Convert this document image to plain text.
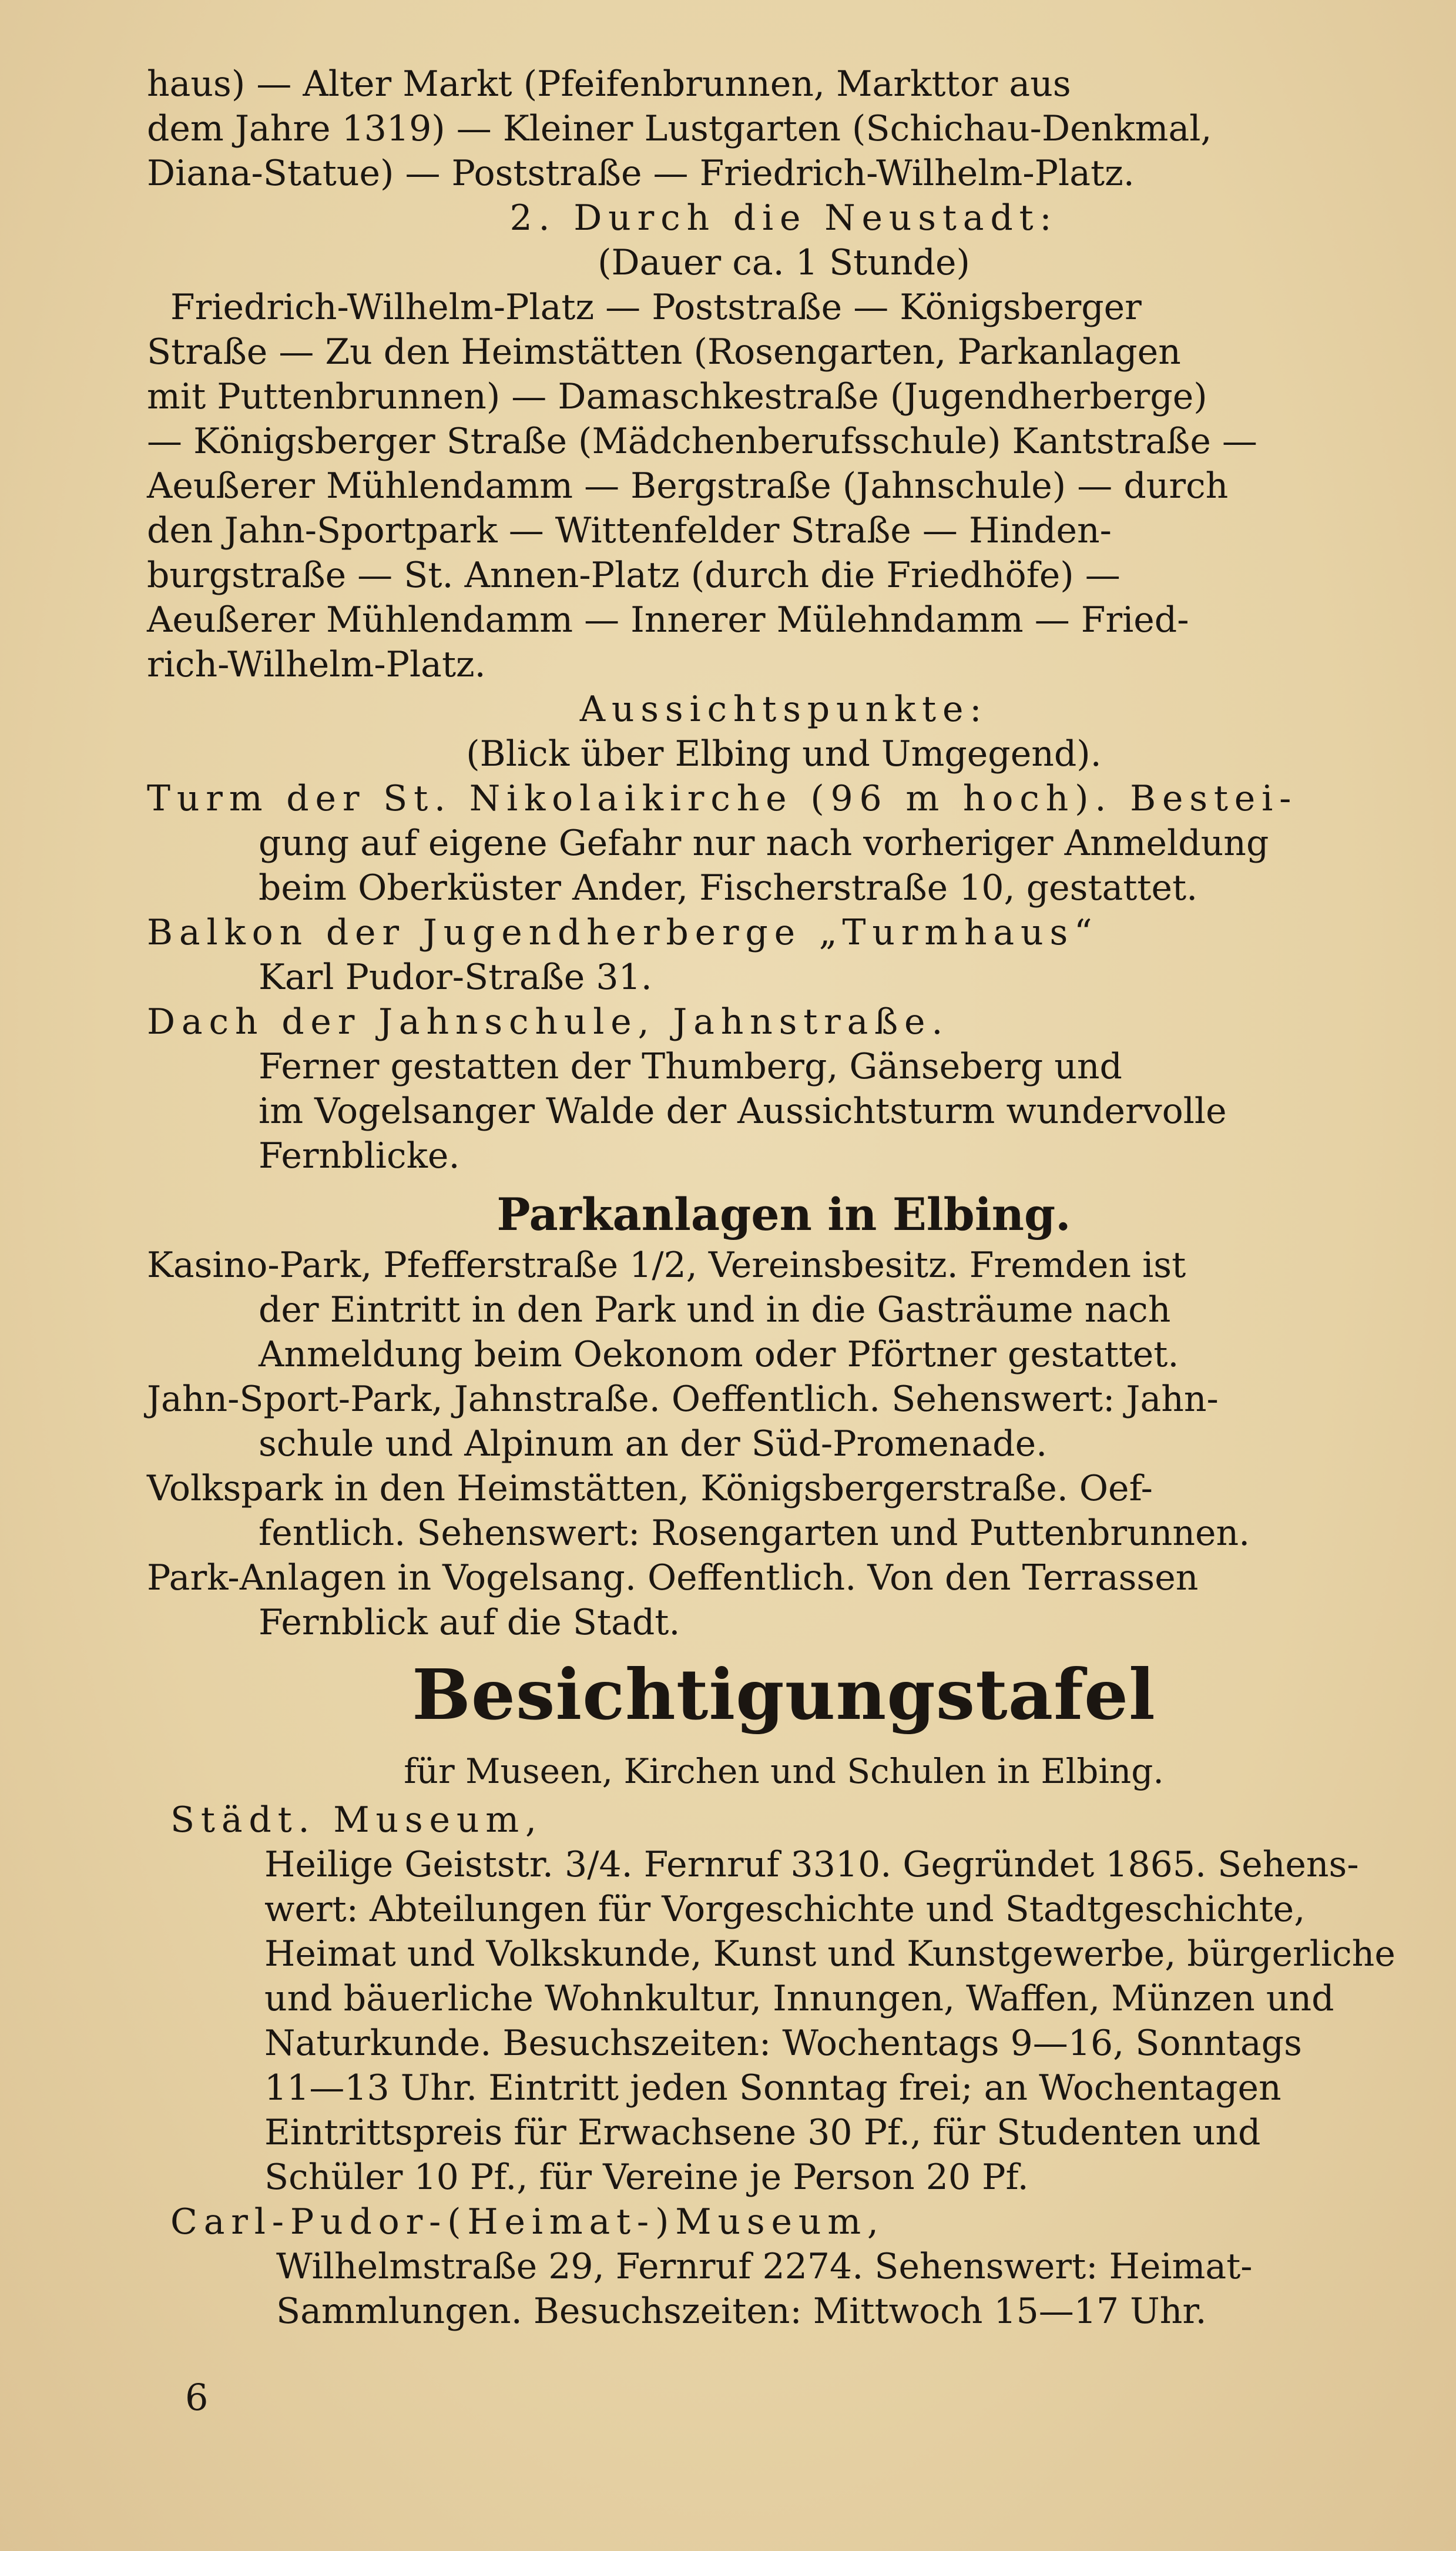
haus) — Alter Markt (Pfeifenbrunnen, Markttor aus

dem Jahre 1319) — Kleiner Lustgarten (Schichau-Denkmal,

Diana-Statue) — Poststraße — Friedrich-Wilhelm-Platz.

2. Durch die Neustadt:

(Dauer ca. 1 Stunde)

Friedrich-Wilhelm-Platz — Poststraße — Königsberger

Straße — Zu den Heimstätten (Rosengarten, Parkanlagen

mit Puttenbrunnen) — Damaschkestraße (Jugendherberge)

— Königsberger Straße (Mädchenberufsschule) Kantstraße —

Aeußerer Mühlendamm — Bergstraße (Jahnschule) — durch

den Jahn-Sportpark — Wittenfelder Straße — Hinden-

burgstraße — St. Annen-Platz (durch die Friedhöfe) —

Aeußerer Mühlendamm — Innerer Mülehndamm — Fried-

rich-Wilhelm-Platz.

Aussichtspunkte:

(Blick über Elbing und Umgegend).

Turm der St. Nikolaikirche (96 m hoch). Bestei-

gung auf eigene Gefahr nur nach vorheriger Anmeldung

beim Oberküster Ander, Fischerstraße 10, gestattet.

Balkon der Jugendherberge „Turmhaus“

Karl Pudor-Straße 31.

Dach der Jahnschule, Jahnstraße.

Ferner gestatten der Thumberg, Gänseberg und

im Vogelsanger Walde der Aussichtsturm wundervolle

Fernblicke.

Parkanlagen in Elbing.

Kasino-Park, Pfefferstraße 1/2, Vereinsbesitz. Fremden ist

der Eintritt in den Park und in die Gasträume nach

Anmeldung beim Oekonom oder Pförtner gestattet.

Jahn-Sport-Park, Jahnstraße. Oeffentlich. Sehenswert: Jahn-

schule und Alpinum an der Süd-Promenade.

Volkspark in den Heimstätten, Königsbergerstraße. Oef-

fentlich. Sehenswert: Rosengarten und Puttenbrunnen.

Park-Anlagen in Vogelsang. Oeffentlich. Von den Terrassen

Fernblick auf die Stadt.

Besichtigungstafel

für Museen, Kirchen und Schulen in Elbing.

Städt. Museum,

Heilige Geiststr. 3/4. Fernruf 3310. Gegründet 1865. Sehens-

wert: Abteilungen für Vorgeschichte und Stadtgeschichte,

Heimat und Volkskunde, Kunst und Kunstgewerbe, bürgerliche

und bäuerliche Wohnkultur, Innungen, Waffen, Münzen und

Naturkunde. Besuchszeiten: Wochentags 9—16, Sonntags

11—13 Uhr. Eintritt jeden Sonntag frei; an Wochentagen

Eintrittspreis für Erwachsene 30 Pf., für Studenten und

Schüler 10 Pf., für Vereine je Person 20 Pf.

Carl-Pudor-(Heimat-)Museum,

Wilhelmstraße 29, Fernruf 2274. Sehenswert: Heimat-

Sammlungen. Besuchszeiten: Mittwoch 15—17 Uhr.

6
